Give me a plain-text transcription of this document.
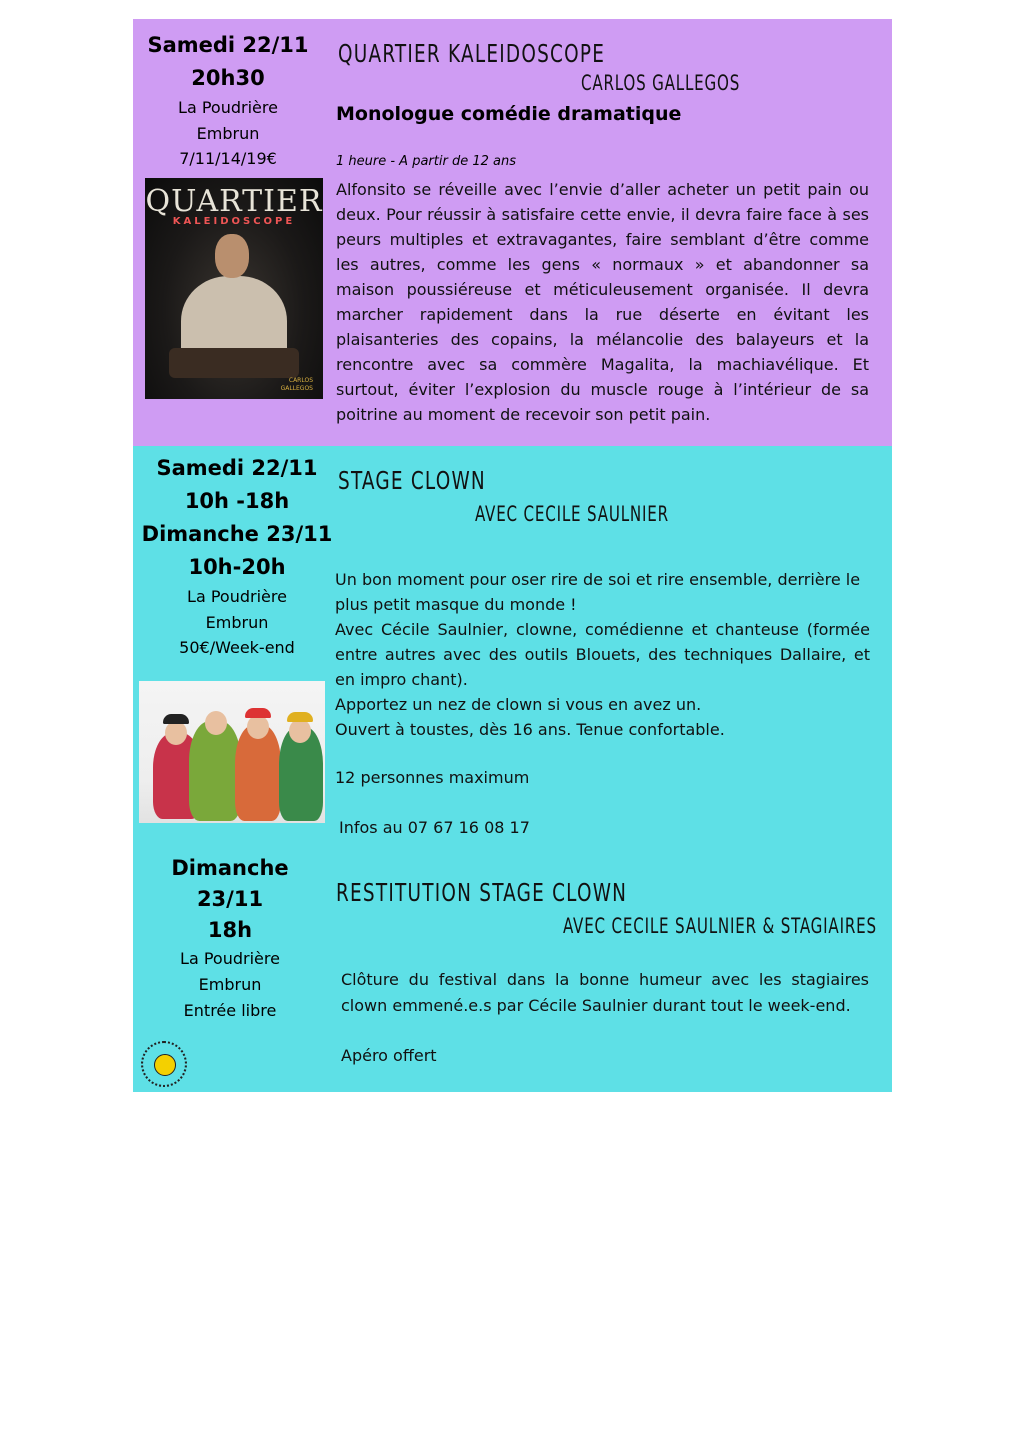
Samedi 22/11
20h30
La Poudrière
Embrun
7/11/14/19€
QUARTIER
KALEIDOSCOPE
CARLOS
GALLEGOS
QUARTIER KALEIDOSCOPE
CARLOS GALLEGOS
Monologue comédie dramatique
1 heure - A partir de 12 ans
Alfonsito se réveille avec l’envie d’aller acheter un petit pain ou deux. Pour réussir à satisfaire cette envie, il devra faire face à ses peurs multiples et extravagantes, faire semblant d’être comme les autres, comme les gens « normaux » et abandonner sa maison poussiéreuse et méticuleusement organisée. Il devra marcher rapidement dans la rue déserte en évitant les plaisanteries des copains, la mélancolie des balayeurs et la rencontre avec sa commère Magalita, la machiavélique. Et surtout, éviter l’explosion du muscle rouge à l’intérieur de sa poitrine au moment de recevoir son petit pain.
Samedi 22/11
10h -18h
Dimanche 23/11
10h-20h
La Poudrière
Embrun
50€/Week-end
STAGE CLOWN
AVEC CECILE SAULNIER

Un bon moment pour oser rire de soi et rire ensemble, derrière le plus petit masque du monde !

Avec Cécile Saulnier, clowne, comédienne et chanteuse (formée entre autres avec des outils Blouets, des techniques Dallaire, et en impro chant).

Apportez un nez de clown si vous en avez un.

Ouvert à toustes, dès 16 ans. Tenue confortable.

12 personnes maximum
Infos au 07 67 16 08 17
Dimanche
23/11
18h
La Poudrière
Embrun
Entrée libre
RESTITUTION STAGE CLOWN
AVEC CECILE SAULNIER & STAGIAIRES
Clôture du festival dans la bonne humeur avec les stagiaires clown emmené.e.s par Cécile Saulnier durant tout le week-end.
Apéro offert
